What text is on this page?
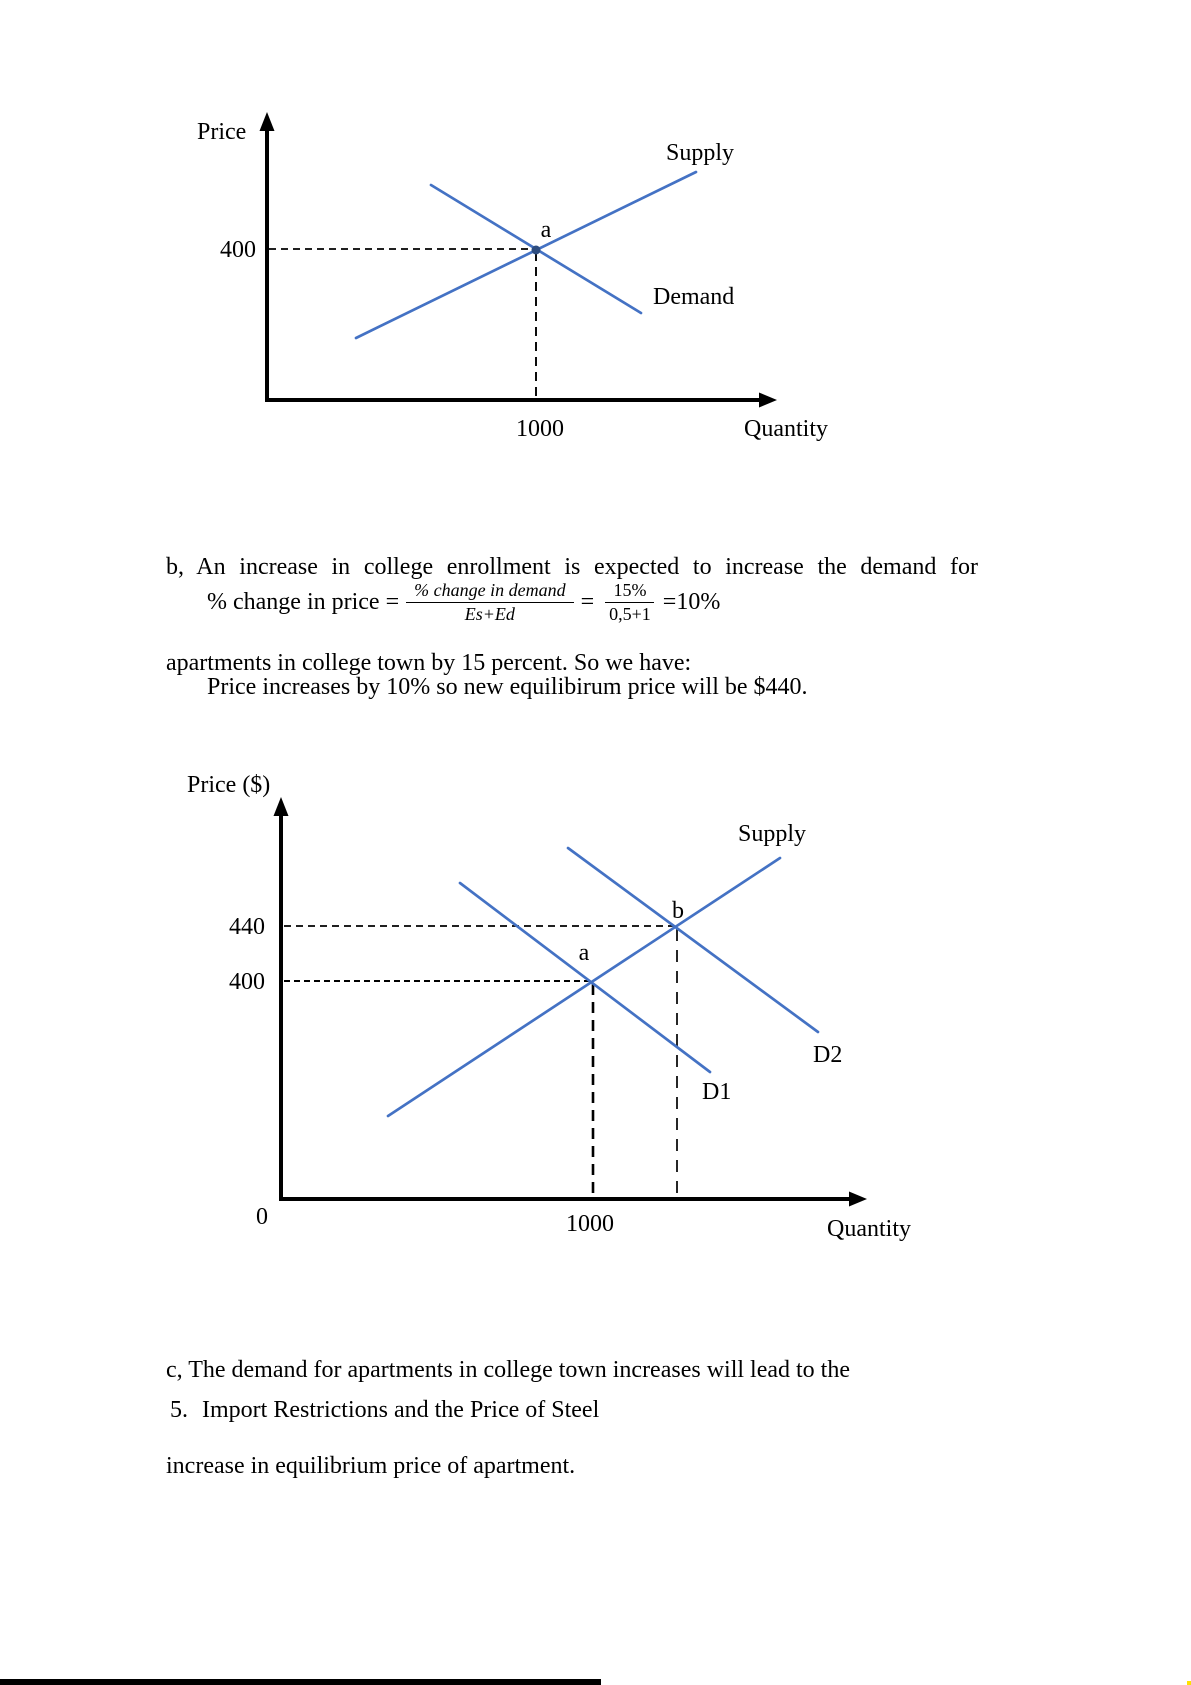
Price
Supply
Demand
a
400
1000	Quantity

b, An increase in college enrollment is expected to increase the demand for

apartments in college town by 15 percent. So we have:

% change in price = $\frac{\text{\% change in demand}}{Es+Ed} = \frac{15\%}{0,5+1} =10\%$
Price increases by 10% so new equilibirum price will be $440.
Price ($)
Supply
440
400
b
a
D2
D1
0	1000	Quantity

c, The demand for apartments in college town increases will lead to the

increase in equilibrium price of apartment.

5. Import Restrictions and the Price of Steel
